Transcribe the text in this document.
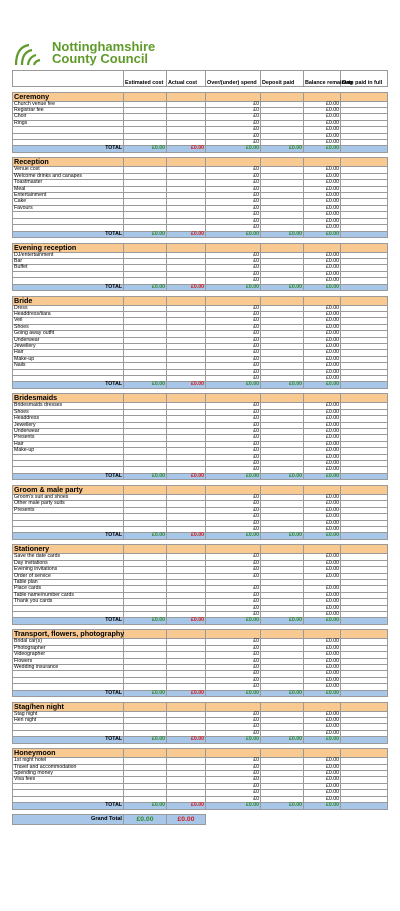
Nottinghamshire
County Council
	Estimated cost	Actual cost	Over/(under) spend	Deposit paid	Balance remaining	Date paid in full

Ceremony						
Church venue fee			£0		£0.00	
Registrar fee			£0		£0.00	
Choir			£0		£0.00	
Rings			£0		£0.00	
			£0		£0.00	
			£0		£0.00	
			£0		£0.00	
TOTAL	£0.00	£0.00	£0.00	£0.00	£0.00	

Reception						
Venue cost			£0		£0.00	
Welcome drinks and canapes			£0		£0.00	
Toastmaster			£0		£0.00	
Meal			£0		£0.00	
Entertainment			£0		£0.00	
Cake			£0		£0.00	
Favours			£0		£0.00	
			£0		£0.00	
			£0		£0.00	
			£0		£0.00	
TOTAL	£0.00	£0.00	£0.00	£0.00	£0.00	

Evening reception						
DJ/entertainment			£0		£0.00	
Bar			£0		£0.00	
Buffet			£0		£0.00	
			£0		£0.00	
			£0		£0.00	
TOTAL	£0.00	£0.00	£0.00	£0.00	£0.00	

Bride						
Dress			£0		£0.00	
Headdress/tiara			£0		£0.00	
Veil			£0		£0.00	
Shoes			£0		£0.00	
Going away outfit			£0		£0.00	
Underwear			£0		£0.00	
Jewellery			£0		£0.00	
Hair			£0		£0.00	
Make-up			£0		£0.00	
Nails			£0		£0.00	
			£0		£0.00	
			£0		£0.00	
TOTAL	£0.00	£0.00	£0.00	£0.00	£0.00	

Bridesmaids						
Bridesmaids dresses			£0		£0.00	
Shoes			£0		£0.00	
Headdress			£0		£0.00	
Jewellery			£0		£0.00	
Underwear			£0		£0.00	
Presents			£0		£0.00	
Hair			£0		£0.00	
Make-up			£0		£0.00	
			£0		£0.00	
			£0		£0.00	
			£0		£0.00	
TOTAL	£0.00	£0.00	£0.00	£0.00	£0.00	

Groom & male party						
Groom's suit and shoes			£0		£0.00	
Other male party suits			£0		£0.00	
Presents			£0		£0.00	
			£0		£0.00	
			£0		£0.00	
			£0		£0.00	
TOTAL	£0.00	£0.00	£0.00	£0.00	£0.00	

Stationery						
Save the date cards			£0		£0.00	
Day invitations			£0		£0.00	
Evening invitations			£0		£0.00	
Order of service			£0		£0.00	
Table plan						
Place cards			£0		£0.00	
Table name/number cards			£0		£0.00	
Thank you cards			£0		£0.00	
			£0		£0.00	
			£0		£0.00	
TOTAL	£0.00	£0.00	£0.00	£0.00	£0.00	

Transport, flowers, photography						
Bridal car(s)			£0		£0.00	
Photographer			£0		£0.00	
Videographer			£0		£0.00	
Flowers			£0		£0.00	
Wedding insurance			£0		£0.00	
			£0		£0.00	
			£0		£0.00	
			£0		£0.00	
TOTAL	£0.00	£0.00	£0.00	£0.00	£0.00	

Stag/hen night						
Stag night			£0		£0.00	
Hen night			£0		£0.00	
			£0		£0.00	
			£0		£0.00	
TOTAL	£0.00	£0.00	£0.00	£0.00	£0.00	

Honeymoon						
1st night hotel			£0		£0.00	
Travel and accommodation			£0		£0.00	
Spending money			£0		£0.00	
Visa fees			£0		£0.00	
			£0		£0.00	
			£0		£0.00	
			£0		£0.00	
TOTAL	£0.00	£0.00	£0.00	£0.00	£0.00	

Grand Total	£0.00	£0.00				
